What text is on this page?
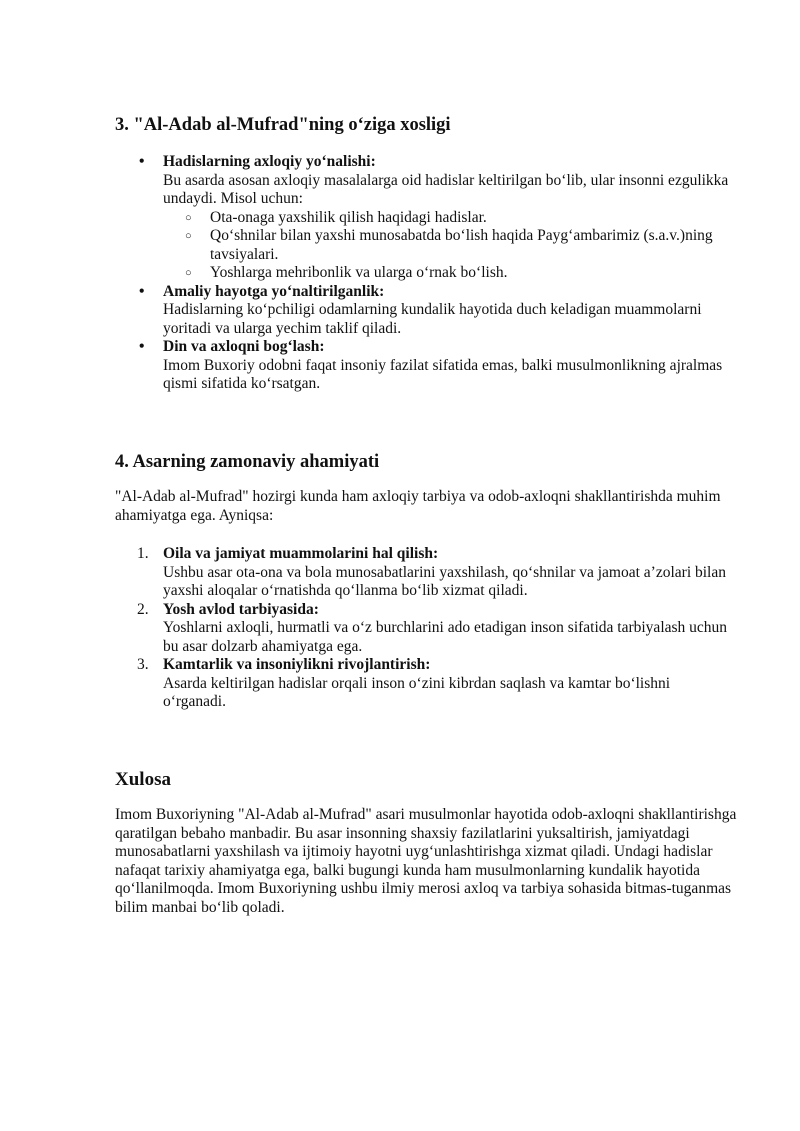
3. "Al-Adab al-Mufrad"ning o‘ziga xosligi
• Hadislarning axloqiy yo‘nalishi:
Bu asarda asosan axloqiy masalalarga oid hadislar keltirilgan bo‘lib, ular insonni ezgulikka undaydi. Misol uchun:
○ Ota-onaga yaxshilik qilish haqidagi hadislar.
○ Qo‘shnilar bilan yaxshi munosabatda bo‘lish haqida Payg‘ambarimiz (s.a.v.)ning tavsiyalari.
○ Yoshlarga mehribonlik va ularga o‘rnak bo‘lish.
• Amaliy hayotga yo‘naltirilganlik:
Hadislarning ko‘pchiligi odamlarning kundalik hayotida duch keladigan muammolarni yoritadi va ularga yechim taklif qiladi.
• Din va axloqni bog‘lash:
Imom Buxoriy odobni faqat insoniy fazilat sifatida emas, balki musulmonlikning ajralmas qismi sifatida ko‘rsatgan.
4. Asarning zamonaviy ahamiyati

"Al-Adab al-Mufrad" hozirgi kunda ham axloqiy tarbiya va odob-axloqni shakllantirishda muhim ahamiyatga ega. Ayniqsa:

1. Oila va jamiyat muammolarini hal qilish:
Ushbu asar ota-ona va bola munosabatlarini yaxshilash, qo‘shnilar va jamoat a’zolari bilan yaxshi aloqalar o‘rnatishda qo‘llanma bo‘lib xizmat qiladi.
2. Yosh avlod tarbiyasida:
Yoshlarni axloqli, hurmatli va o‘z burchlarini ado etadigan inson sifatida tarbiyalash uchun bu asar dolzarb ahamiyatga ega.
3. Kamtarlik va insoniylikni rivojlantirish:
Asarda keltirilgan hadislar orqali inson o‘zini kibrdan saqlash va kamtar bo‘lishni o‘rganadi.
Xulosa

Imom Buxoriyning "Al-Adab al-Mufrad" asari musulmonlar hayotida odob-axloqni shakllantirishga qaratilgan bebaho manbadir. Bu asar insonning shaxsiy fazilatlarini yuksaltirish, jamiyatdagi munosabatlarni yaxshilash va ijtimoiy hayotni uyg‘unlashtirishga xizmat qiladi. Undagi hadislar nafaqat tarixiy ahamiyatga ega, balki bugungi kunda ham musulmonlarning kundalik hayotida qo‘llanilmoqda. Imom Buxoriyning ushbu ilmiy merosi axloq va tarbiya sohasida bitmas-tuganmas bilim manbai bo‘lib qoladi.
